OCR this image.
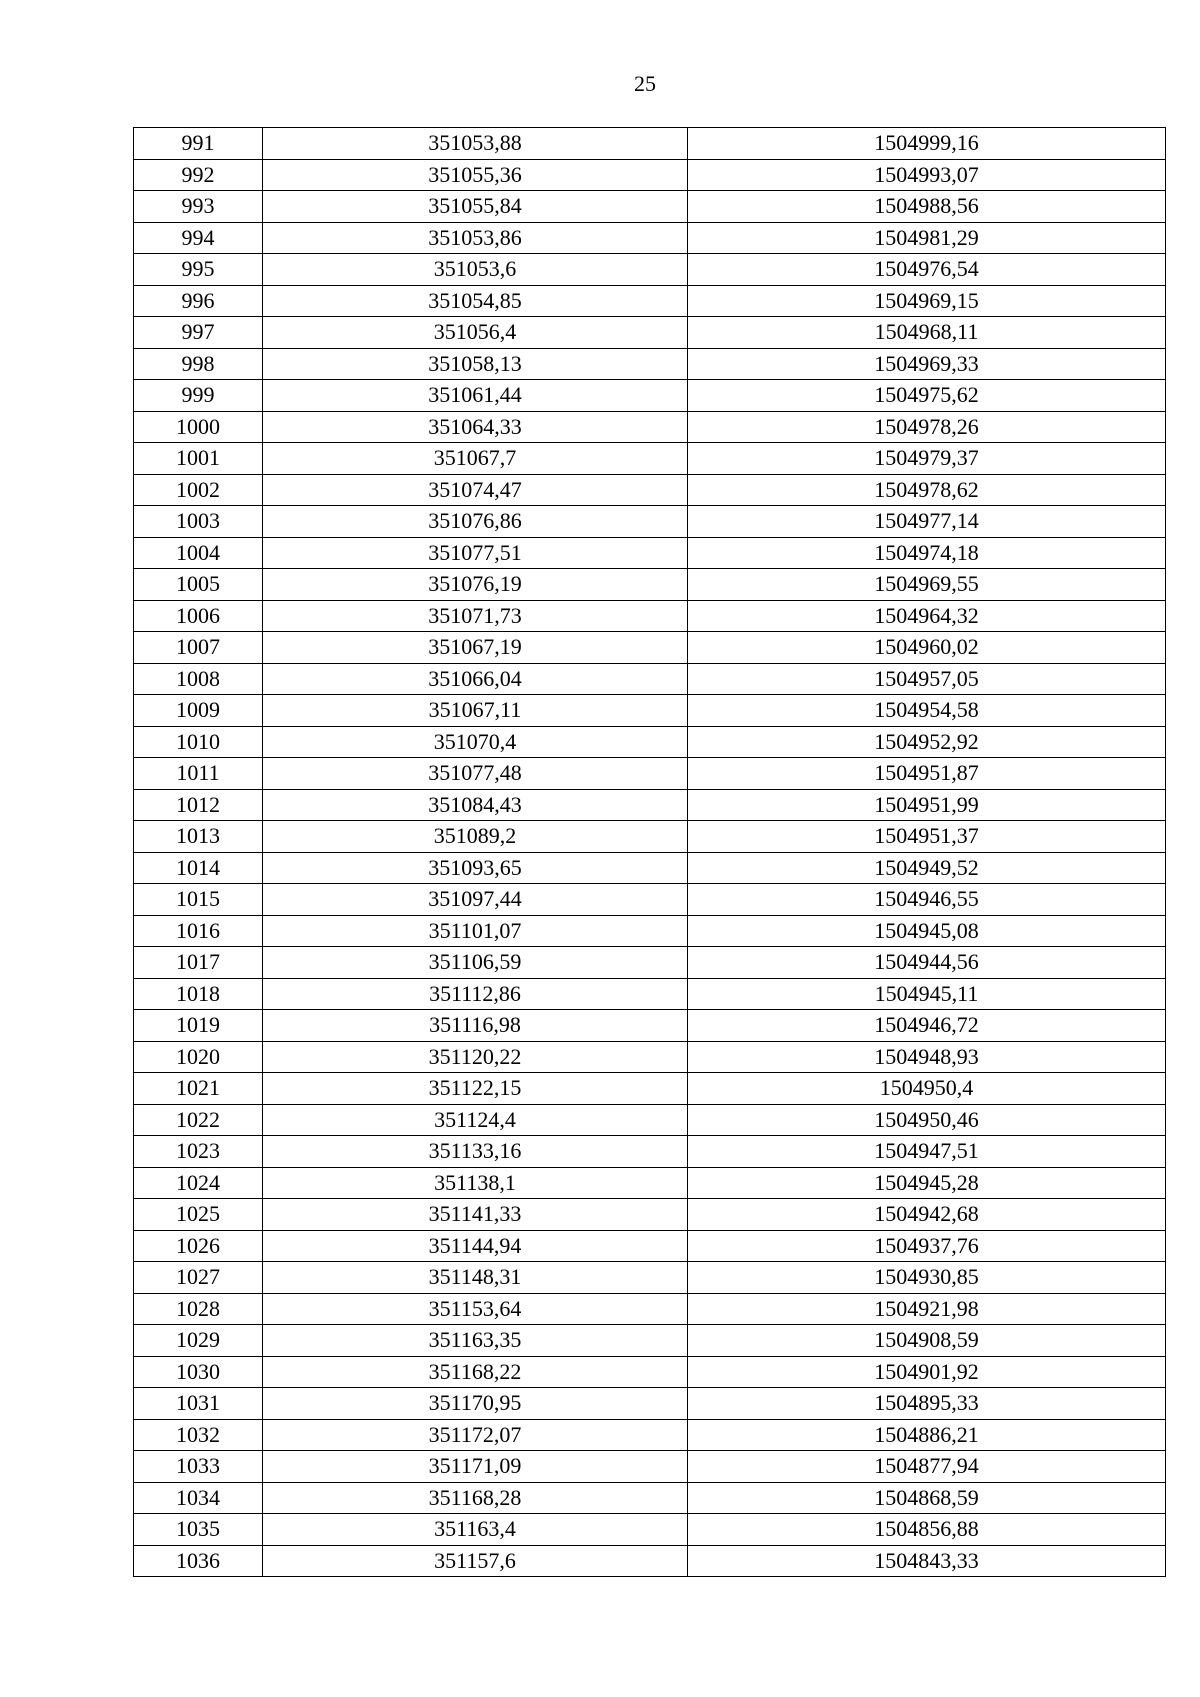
25
991	351053,88	1504999,16
992	351055,36	1504993,07
993	351055,84	1504988,56
994	351053,86	1504981,29
995	351053,6	1504976,54
996	351054,85	1504969,15
997	351056,4	1504968,11
998	351058,13	1504969,33
999	351061,44	1504975,62
1000	351064,33	1504978,26
1001	351067,7	1504979,37
1002	351074,47	1504978,62
1003	351076,86	1504977,14
1004	351077,51	1504974,18
1005	351076,19	1504969,55
1006	351071,73	1504964,32
1007	351067,19	1504960,02
1008	351066,04	1504957,05
1009	351067,11	1504954,58
1010	351070,4	1504952,92
1011	351077,48	1504951,87
1012	351084,43	1504951,99
1013	351089,2	1504951,37
1014	351093,65	1504949,52
1015	351097,44	1504946,55
1016	351101,07	1504945,08
1017	351106,59	1504944,56
1018	351112,86	1504945,11
1019	351116,98	1504946,72
1020	351120,22	1504948,93
1021	351122,15	1504950,4
1022	351124,4	1504950,46
1023	351133,16	1504947,51
1024	351138,1	1504945,28
1025	351141,33	1504942,68
1026	351144,94	1504937,76
1027	351148,31	1504930,85
1028	351153,64	1504921,98
1029	351163,35	1504908,59
1030	351168,22	1504901,92
1031	351170,95	1504895,33
1032	351172,07	1504886,21
1033	351171,09	1504877,94
1034	351168,28	1504868,59
1035	351163,4	1504856,88
1036	351157,6	1504843,33
